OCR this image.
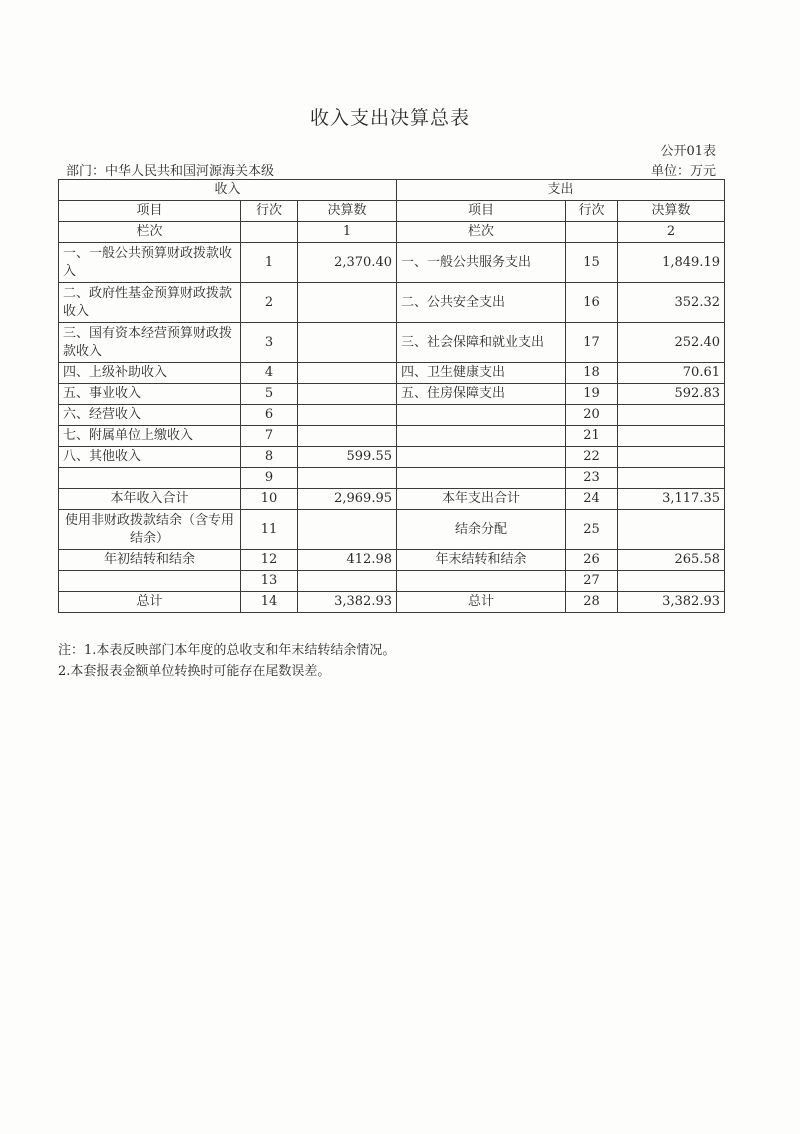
收入支出决算总表
公开01表
部门：中华人民共和国河源海关本级	单位：万元
收入			支出		
项目	行次	决算数	项目	行次	决算数
栏次		1	栏次		2
一、一般公共预算财政拨款收入	1	2,370.40	一、一般公共服务支出	15	1,849.19
二、政府性基金预算财政拨款收入	2		二、公共安全支出	16	352.32
三、国有资本经营预算财政拨款收入	3		三、社会保障和就业支出	17	252.40
四、上级补助收入	4		四、卫生健康支出	18	70.61
五、事业收入	5		五、住房保障支出	19	592.83
六、经营收入	6			20	
七、附属单位上缴收入	7			21	
八、其他收入	8	599.55		22	
	9			23	
本年收入合计	10	2,969.95	本年支出合计	24	3,117.35
使用非财政拨款结余（含专用结余）	11		结余分配	25	
年初结转和结余	12	412.98	年末结转和结余	26	265.58
	13			27	
总计	14	3,382.93	总计	28	3,382.93
注：1.本表反映部门本年度的总收支和年末结转结余情况。
2.本套报表金额单位转换时可能存在尾数误差。
